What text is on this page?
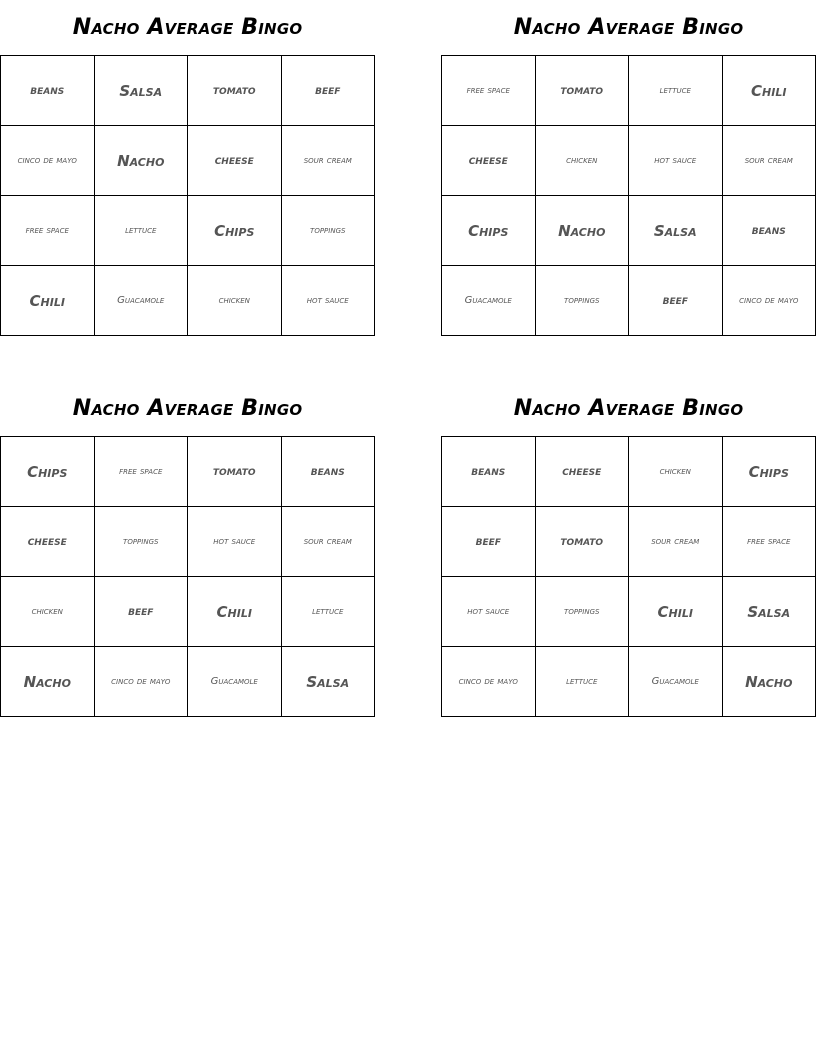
Nacho Average Bingo
beans	Salsa	tomato	beef
cinco de mayo	Nacho	cheese	sour cream
free space	lettuce	Chips	toppings
Chili	Guacamole	chicken	hot sauce
Nacho Average Bingo
free space	tomato	lettuce	Chili
cheese	chicken	hot sauce	sour cream
Chips	Nacho	Salsa	beans
Guacamole	toppings	beef	cinco de mayo
Nacho Average Bingo
Chips	free space	tomato	beans
cheese	toppings	hot sauce	sour cream
chicken	beef	Chili	lettuce
Nacho	cinco de mayo	Guacamole	Salsa
Nacho Average Bingo
beans	cheese	chicken	Chips
beef	tomato	sour cream	free space
hot sauce	toppings	Chili	Salsa
cinco de mayo	lettuce	Guacamole	Nacho
